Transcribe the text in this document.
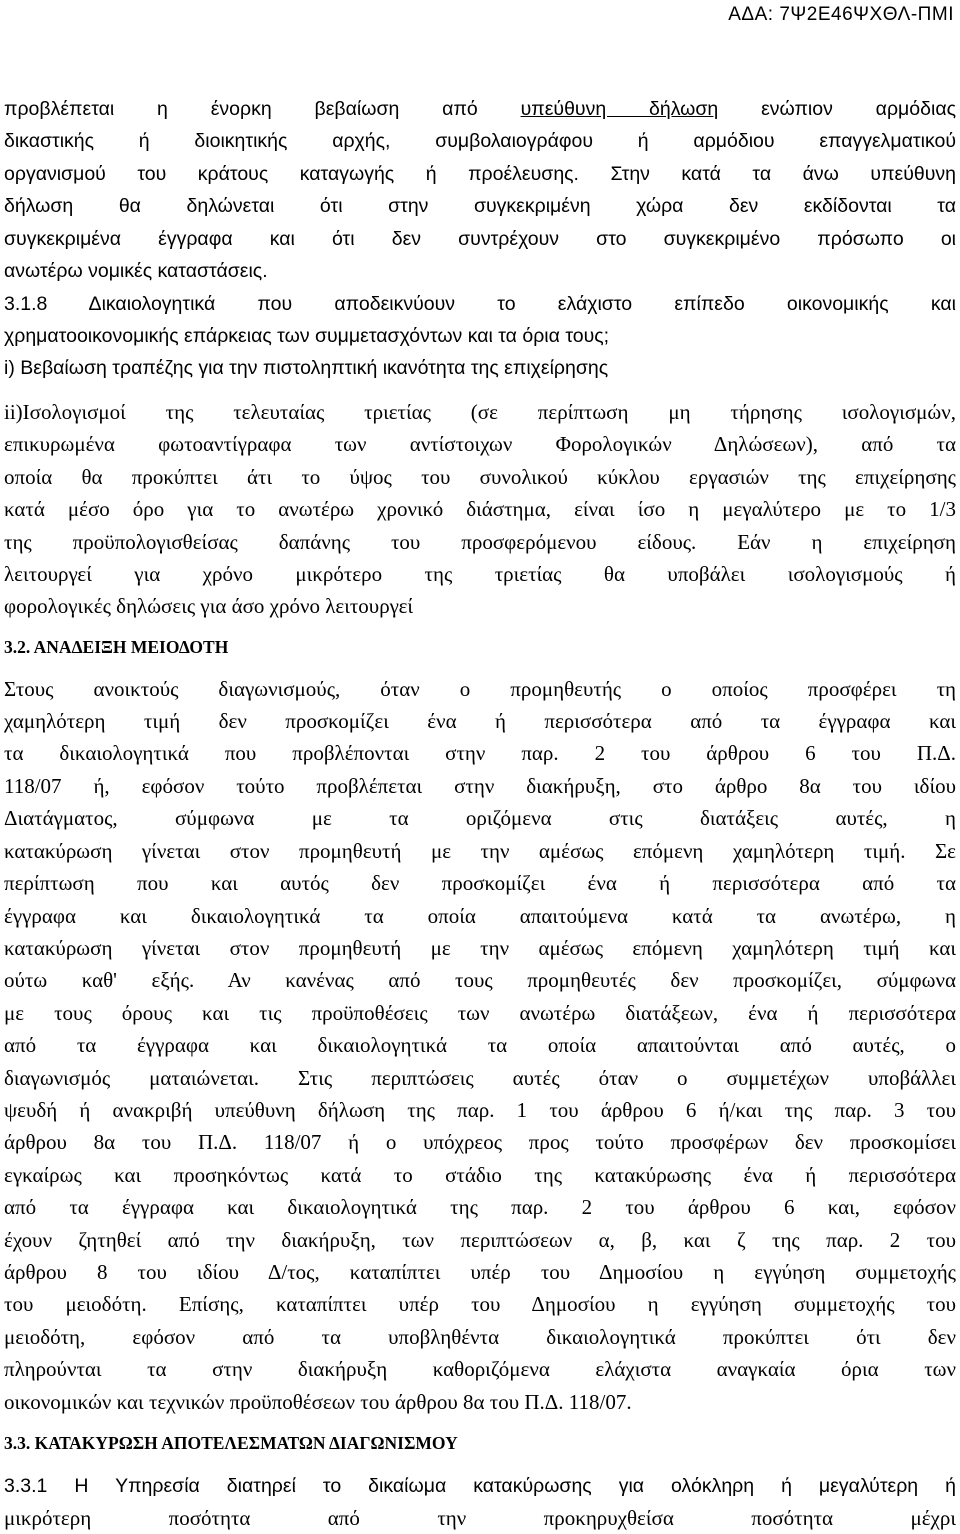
ΑΔΑ: 7Ψ2Ε46ΨΧΘΛ-ΠΜΙ
προβλέπεται η ένορκη βεβαίωση από υπεύθυνη δήλωση ενώπιον αρμόδιας
δικαστικής ή διοικητικής αρχής, συμβολαιογράφου ή αρμόδιου επαγγελματικού
οργανισμού του κράτους καταγωγής ή προέλευσης. Στην κατά τα άνω υπεύθυνη
δήλωση θα δηλώνεται ότι στην συγκεκριμένη χώρα δεν εκδίδονται τα
συγκεκριμένα έγγραφα και ότι δεν συντρέχουν στο συγκεκριμένο πρόσωπο οι
ανωτέρω νομικές καταστάσεις.
3.1.8 Δικαιολογητικά που αποδεικνύουν το ελάχιστο επίπεδο οικονομικής και
χρηματοοικονομικής επάρκειας των συμμετασχόντων και τα όρια τους;
i) Βεβαίωση τραπέζης για την πιστοληπτική ικανότητα της επιχείρησης
ii)Ισολογισμοί της τελευταίας τριετίας (σε περίπτωση μη τήρησης ισολογισμών,
επικυρωμένα φωτοαντίγραφα των αντίστοιχων Φορολογικών Δηλώσεων), από τα
οποία θα προκύπτει άτι το ύψος του συνολικού κύκλου εργασιών της επιχείρησης
κατά μέσο όρο για το ανωτέρω χρονικό διάστημα, είναι ίσο η μεγαλύτερο με το 1/3
της προϋπολογισθείσας δαπάνης του προσφερόμενου είδους. Εάν η επιχείρηση
λειτουργεί για χρόνο μικρότερο της τριετίας θα υποβάλει ισολογισμούς ή
φορολογικές δηλώσεις για άσο χρόνο λειτουργεί
3.2. ΑΝΑΔΕΙΞΗ ΜΕΙΟΔΟΤΗ
Στους ανοικτούς διαγωνισμούς, όταν ο προμηθευτής ο οποίος προσφέρει τη
χαμηλότερη τιμή δεν προσκομίζει ένα ή περισσότερα από τα έγγραφα και
τα δικαιολογητικά που προβλέπονται στην παρ. 2 του άρθρου 6 του Π.Δ.
118/07 ή, εφόσον τούτο προβλέπεται στην διακήρυξη, στο άρθρο 8α του ιδίου
Διατάγματος, σύμφωνα με τα οριζόμενα στις διατάξεις αυτές, η
κατακύρωση γίνεται στον προμηθευτή με την αμέσως επόμενη χαμηλότερη τιμή. Σε
περίπτωση που και αυτός δεν προσκομίζει ένα ή περισσότερα από τα
έγγραφα και δικαιολογητικά τα οποία απαιτούμενα κατά τα ανωτέρω, η
κατακύρωση γίνεται στον προμηθευτή με την αμέσως επόμενη χαμηλότερη τιμή και
ούτω καθ' εξής. Αν κανένας από τους προμηθευτές δεν προσκομίζει, σύμφωνα
με τους όρους και τις προϋποθέσεις των ανωτέρω διατάξεων, ένα ή περισσότερα
από τα έγγραφα και δικαιολογητικά τα οποία απαιτούνται από αυτές, ο
διαγωνισμός ματαιώνεται. Στις περιπτώσεις αυτές όταν ο συμμετέχων υποβάλλει
ψευδή ή ανακριβή υπεύθυνη δήλωση της παρ. 1 του άρθρου 6 ή/και της παρ. 3 του
άρθρου 8α του Π.Δ. 118/07 ή ο υπόχρεος προς τούτο προσφέρων δεν προσκομίσει
εγκαίρως και προσηκόντως κατά το στάδιο της κατακύρωσης ένα ή περισσότερα
από τα έγγραφα και δικαιολογητικά της παρ. 2 του άρθρου 6 και, εφόσον
έχουν ζητηθεί από την διακήρυξη, των περιπτώσεων α, β, και ζ της παρ. 2 του
άρθρου 8 του ιδίου Δ/τος, καταπίπτει υπέρ του Δημοσίου η εγγύηση συμμετοχής
του μειοδότη. Επίσης, καταπίπτει υπέρ του Δημοσίου η εγγύηση συμμετοχής του
μειοδότη, εφόσον από τα υποβληθέντα δικαιολογητικά προκύπτει ότι δεν
πληρούνται τα στην διακήρυξη καθοριζόμενα ελάχιστα αναγκαία όρια των
οικονομικών και τεχνικών προϋποθέσεων του άρθρου 8α του Π.Δ. 118/07.
3.3. ΚΑΤΑΚΥΡΩΣΗ ΑΠΟΤΕΛΕΣΜΑΤΩΝ ΔΙΑΓΩΝΙΣΜΟΥ
3.3.1 Η Υπηρεσία διατηρεί το δικαίωμα κατακύρωσης για ολόκληρη ή μεγαλύτερη ή
μικρότερη ποσότητα από την προκηρυχθείσα ποσότητα μέχρι
